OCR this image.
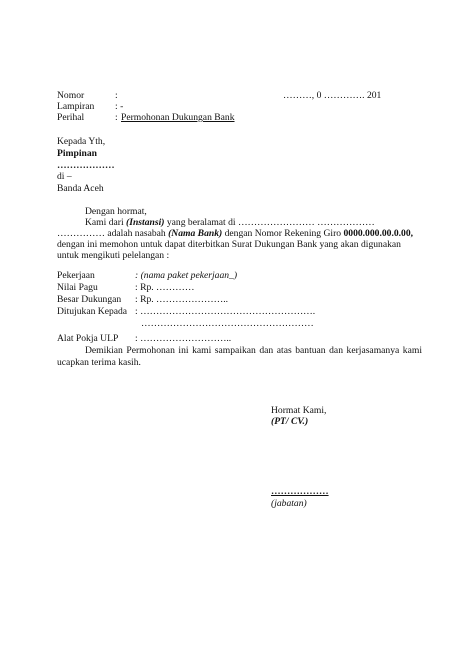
Nomor	:	………, 0 …………. 201
Lampiran : -
Perihal	: Permohonan Dukungan Bank
Kepada Yth,
Pimpinan
………………
di –
Banda Aceh
Dengan hormat,
Kami dari (Instansi) yang beralamat di …………………… ………………
…………… adalah nasabah (Nama Bank) dengan Nomor Rekening Giro 0000.000.00.0.00,
dengan ini memohon untuk dapat diterbitkan Surat Dukungan Bank yang akan digunakan
untuk mengikuti pelelangan :
Pekerjaan	: (nama paket pekerjaan_)
Nilai Pagu	: Rp. …………
Besar Dukungan : Rp. …………………..
Ditujukan Kepada : ……………………………………………….
………………………………………………
Alat Pokja ULP : ………………………..
Demikian Permohonan ini kami sampaikan dan atas bantuan dan kerjasamanya kami ucapkan terima kasih.
Hormat Kami,
(PT/ CV.)
………………
(jabatan)
